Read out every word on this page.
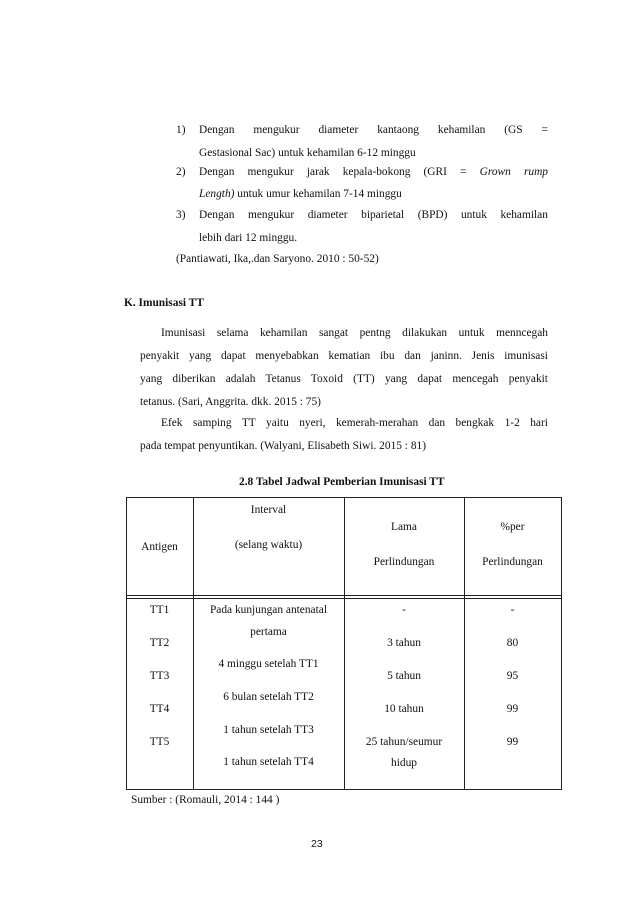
1) Dengan mengukur diameter kantaong kehamilan (GS =
Gestasional Sac) untuk kehamilan 6-12 minggu
2) Dengan mengukur jarak kepala-bokong (GRI = Grown rump
Length) untuk umur kehamilan 7-14 minggu
3) Dengan mengukur diameter biparietal (BPD) untuk kehamilan
lebih dari 12 minggu.
(Pantiawati, Ika,.dan Saryono. 2010 : 50-52)
K. Imunisasi TT
Imunisasi selama kehamilan sangat pentng dilakukan untuk menncegah
penyakit yang dapat menyebabkan kematian ibu dan janinn. Jenis imunisasi
yang diberikan adalah Tetanus Toxoid (TT) yang dapat mencegah penyakit
tetanus. (Sari, Anggrita. dkk. 2015 : 75)
Efek samping TT yaitu nyeri, kemerah-merahan dan bengkak 1-2 hari
pada tempat penyuntikan. (Walyani, Elisabeth Siwi. 2015 : 81)
2.8 Tabel Jadwal Pemberian Imunisasi TT
Antigen
Interval
(selang waktu)
Lama
Perlindungan
%per
Perlindungan
TT1
TT2
TT3
TT4
TT5
Pada kunjungan antenatal
pertama
4 minggu setelah TT1
6 bulan setelah TT2
1 tahun setelah TT3
1 tahun setelah TT4
-
3 tahun
5 tahun
10 tahun
25 tahun/seumur
hidup
-
80
95
99
99
Sumber : (Romauli, 2014 : 144 )
23
